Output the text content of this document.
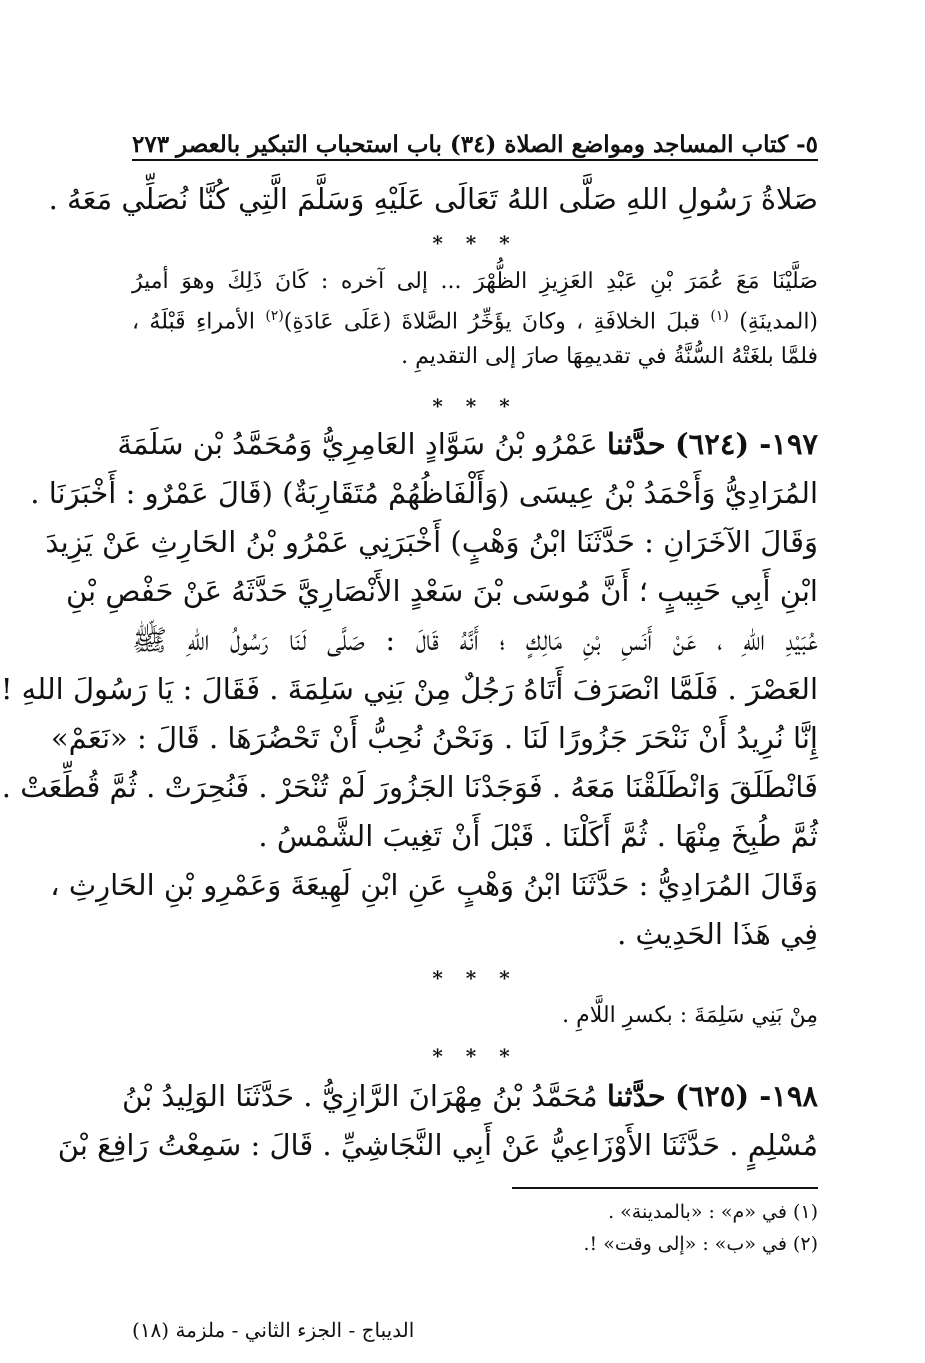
٥- كتاب المساجد ومواضع الصلاة (٣٤) باب استحباب التبكير بالعصر
٢٧٣
صَلاةُ رَسُولِ اللهِ صَلَّى اللهُ تَعَالَى عَلَيْهِ وَسَلَّمَ الَّتِي كُنَّا نُصَلِّي مَعَهُ .
* * *
صَلَّيْنَا مَعَ عُمَرَ بْنِ عَبْدِ العَزِيزِ الظُّهْرَ ... إلى آخره : كَانَ ذَلِكَ وهوَ أميرُ
(المدينَةِ) $^{(١)}$ قبلَ الخلافَةِ ، وكانَ يؤَخِّرُ الصَّلاةَ (عَلَى عَادَةِ)$^{(٢)}$ الأمراءِ قَبْلَهُ ،
فلمَّا بلغَتْهُ السُّنَّةُ في تقديمِهَا صارَ إلى التقديمِ .
* * *
١٩٧- (٦٢٤) حدَّثنا عَمْرُو بْنُ سَوَّادٍ العَامِرِيُّ وَمُحَمَّدُ بْن سَلَمَةَ
المُرَادِيُّ وَأَحْمَدُ بْنُ عِيسَى (وَأَلْفَاظُهُمْ مُتَقَارِبَةٌ) (قَالَ عَمْرٌو : أَخْبَرَنَا .
وَقَالَ الآخَرَانِ : حَدَّثَنَا ابْنُ وَهْبٍ) أَخْبَرَنِي عَمْرُو بْنُ الحَارِثِ عَنْ يَزِيدَ
ابْنِ أَبِي حَبِيبٍ ؛ أَنَّ مُوسَى بْنَ سَعْدٍ الأَنْصَارِيَّ حَدَّثَهُ عَنْ حَفْصِ بْنِ
عُبَيْدِ اللهِ ، عَنْ أَنَسِ بْنِ مَالِكٍ ؛ أَنَّهُ قَالَ : صَلَّى لَنَا رَسُولُ اللهِ ﷺ
العَصْرَ . فَلَمَّا انْصَرَفَ أَتَاهُ رَجُلٌ مِنْ بَنِي سَلِمَةَ . فَقَالَ : يَا رَسُولَ اللهِ !
إِنَّا نُرِيدُ أَنْ نَنْحَرَ جَزُورًا لَنَا . وَنَحْنُ نُحِبُّ أَنْ تَحْضُرَهَا . قَالَ : «نَعَمْ»
فَانْطَلَقَ وَانْطَلَقْنَا مَعَهُ . فَوَجَدْنَا الجَزُورَ لَمْ تُنْحَرْ . فَنُحِرَتْ . ثُمَّ قُطِّعَتْ .
ثُمَّ طُبِخَ مِنْهَا . ثُمَّ أَكَلْنَا . قَبْلَ أَنْ تَغِيبَ الشَّمْسُ .
وَقَالَ المُرَادِيُّ : حَدَّثَنَا ابْنُ وَهْبٍ عَنِ ابْنِ لَهِيعَةَ وَعَمْرِو بْنِ الحَارِثِ ،
فِي هَذَا الحَدِيثِ .
* * *
مِنْ بَنِي سَلِمَةَ : بكسرِ اللَّامِ .
* * *
١٩٨- (٦٢٥) حدَّثنا مُحَمَّدُ بْنُ مِهْرَانَ الرَّازِيُّ . حَدَّثَنَا الوَلِيدُ بْنُ
مُسْلِمٍ . حَدَّثَنَا الأَوْزَاعِيُّ عَنْ أَبِي النَّجَاشِيِّ . قَالَ : سَمِعْتُ رَافِعَ بْنَ
(١) في «م» : «بالمدينة» .
(٢) في «ب» : «إلى وقت» !.
الديباج - الجزء الثاني - ملزمة (١٨)
